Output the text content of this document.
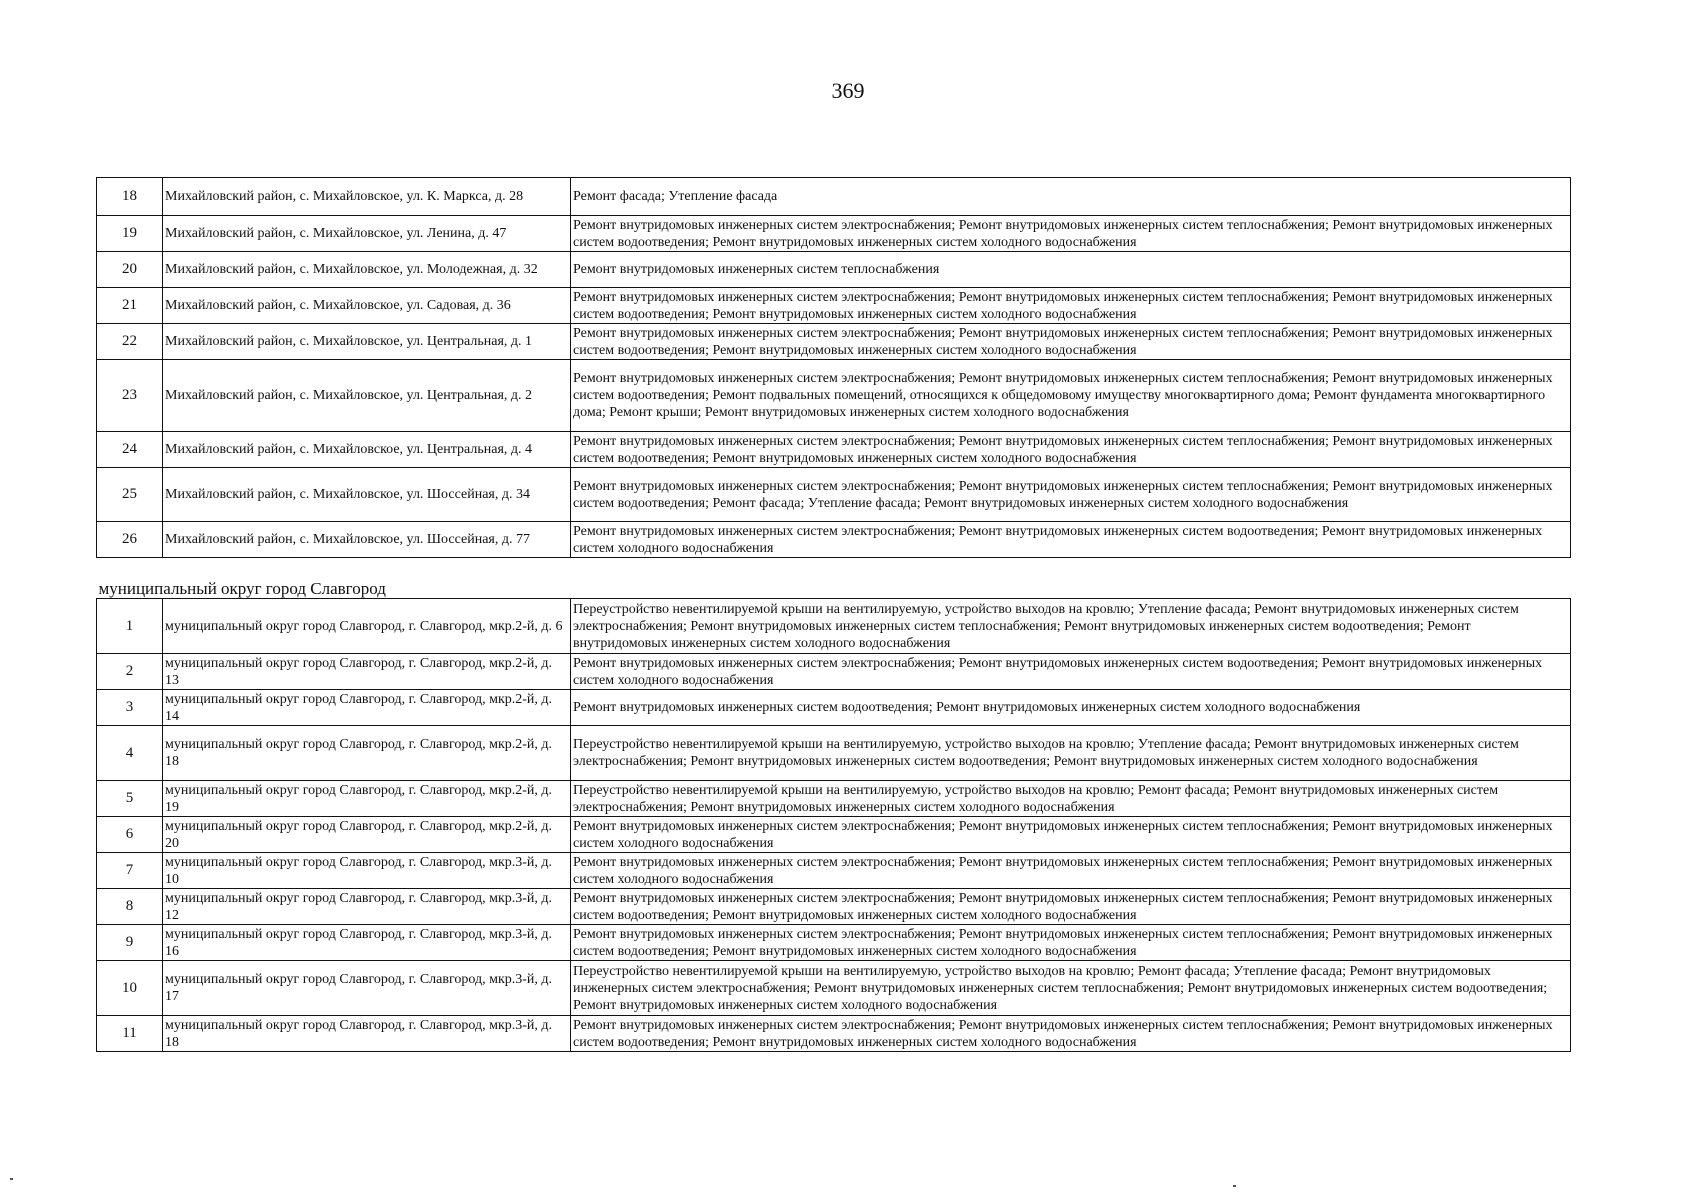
369
18	Михайловский район, с. Михайловское, ул. К. Маркса, д. 28	Ремонт фасада; Утепление фасада
19	Михайловский район, с. Михайловское, ул. Ленина, д. 47	Ремонт внутридомовых инженерных систем электроснабжения; Ремонт внутридомовых инженерных систем теплоснабжения; Ремонт внутридомовых инженерных систем водоотведения; Ремонт внутридомовых инженерных систем холодного водоснабжения
20	Михайловский район, с. Михайловское, ул. Молодежная, д. 32	Ремонт внутридомовых инженерных систем теплоснабжения
21	Михайловский район, с. Михайловское, ул. Садовая, д. 36	Ремонт внутридомовых инженерных систем электроснабжения; Ремонт внутридомовых инженерных систем теплоснабжения; Ремонт внутридомовых инженерных систем водоотведения; Ремонт внутридомовых инженерных систем холодного водоснабжения
22	Михайловский район, с. Михайловское, ул. Центральная, д. 1	Ремонт внутридомовых инженерных систем электроснабжения; Ремонт внутридомовых инженерных систем теплоснабжения; Ремонт внутридомовых инженерных систем водоотведения; Ремонт внутридомовых инженерных систем холодного водоснабжения
23	Михайловский район, с. Михайловское, ул. Центральная, д. 2	Ремонт внутридомовых инженерных систем электроснабжения; Ремонт внутридомовых инженерных систем теплоснабжения; Ремонт внутридомовых инженерных систем водоотведения; Ремонт подвальных помещений, относящихся к общедомовому имуществу многоквартирного дома; Ремонт фундамента многоквартирного дома; Ремонт крыши; Ремонт внутридомовых инженерных систем холодного водоснабжения
24	Михайловский район, с. Михайловское, ул. Центральная, д. 4	Ремонт внутридомовых инженерных систем электроснабжения; Ремонт внутридомовых инженерных систем теплоснабжения; Ремонт внутридомовых инженерных систем водоотведения; Ремонт внутридомовых инженерных систем холодного водоснабжения
25	Михайловский район, с. Михайловское, ул. Шоссейная, д. 34	Ремонт внутридомовых инженерных систем электроснабжения; Ремонт внутридомовых инженерных систем теплоснабжения; Ремонт внутридомовых инженерных систем водоотведения; Ремонт фасада; Утепление фасада; Ремонт внутридомовых инженерных систем холодного водоснабжения
26	Михайловский район, с. Михайловское, ул. Шоссейная, д. 77	Ремонт внутридомовых инженерных систем электроснабжения; Ремонт внутридомовых инженерных систем водоотведения; Ремонт внутридомовых инженерных систем холодного водоснабжения
муниципальный округ город Славгород		
1	муниципальный округ город Славгород, г. Славгород, мкр.2-й, д. 6	Переустройство невентилируемой крыши на вентилируемую, устройство выходов на кровлю; Утепление фасада; Ремонт внутридомовых инженерных систем электроснабжения; Ремонт внутридомовых инженерных систем теплоснабжения; Ремонт внутридомовых инженерных систем водоотведения; Ремонт внутридомовых инженерных систем холодного водоснабжения
2	муниципальный округ город Славгород, г. Славгород, мкр.2-й, д. 13	Ремонт внутридомовых инженерных систем электроснабжения; Ремонт внутридомовых инженерных систем водоотведения; Ремонт внутридомовых инженерных систем холодного водоснабжения
3	муниципальный округ город Славгород, г. Славгород, мкр.2-й, д. 14	Ремонт внутридомовых инженерных систем водоотведения; Ремонт внутридомовых инженерных систем холодного водоснабжения
4	муниципальный округ город Славгород, г. Славгород, мкр.2-й, д. 18	Переустройство невентилируемой крыши на вентилируемую, устройство выходов на кровлю; Утепление фасада; Ремонт внутридомовых инженерных систем электроснабжения; Ремонт внутридомовых инженерных систем водоотведения; Ремонт внутридомовых инженерных систем холодного водоснабжения
5	муниципальный округ город Славгород, г. Славгород, мкр.2-й, д. 19	Переустройство невентилируемой крыши на вентилируемую, устройство выходов на кровлю; Ремонт фасада; Ремонт внутридомовых инженерных систем электроснабжения; Ремонт внутридомовых инженерных систем холодного водоснабжения
6	муниципальный округ город Славгород, г. Славгород, мкр.2-й, д. 20	Ремонт внутридомовых инженерных систем электроснабжения; Ремонт внутридомовых инженерных систем теплоснабжения; Ремонт внутридомовых инженерных систем холодного водоснабжения
7	муниципальный округ город Славгород, г. Славгород, мкр.3-й, д. 10	Ремонт внутридомовых инженерных систем электроснабжения; Ремонт внутридомовых инженерных систем теплоснабжения; Ремонт внутридомовых инженерных систем холодного водоснабжения
8	муниципальный округ город Славгород, г. Славгород, мкр.3-й, д. 12	Ремонт внутридомовых инженерных систем электроснабжения; Ремонт внутридомовых инженерных систем теплоснабжения; Ремонт внутридомовых инженерных систем водоотведения; Ремонт внутридомовых инженерных систем холодного водоснабжения
9	муниципальный округ город Славгород, г. Славгород, мкр.3-й, д. 16	Ремонт внутридомовых инженерных систем электроснабжения; Ремонт внутридомовых инженерных систем теплоснабжения; Ремонт внутридомовых инженерных систем водоотведения; Ремонт внутридомовых инженерных систем холодного водоснабжения
10	муниципальный округ город Славгород, г. Славгород, мкр.3-й, д. 17	Переустройство невентилируемой крыши на вентилируемую, устройство выходов на кровлю; Ремонт фасада; Утепление фасада; Ремонт внутридомовых инженерных систем электроснабжения; Ремонт внутридомовых инженерных систем теплоснабжения; Ремонт внутридомовых инженерных систем водоотведения; Ремонт внутридомовых инженерных систем холодного водоснабжения
11	муниципальный округ город Славгород, г. Славгород, мкр.3-й, д. 18	Ремонт внутридомовых инженерных систем электроснабжения; Ремонт внутридомовых инженерных систем теплоснабжения; Ремонт внутридомовых инженерных систем водоотведения; Ремонт внутридомовых инженерных систем холодного водоснабжения
